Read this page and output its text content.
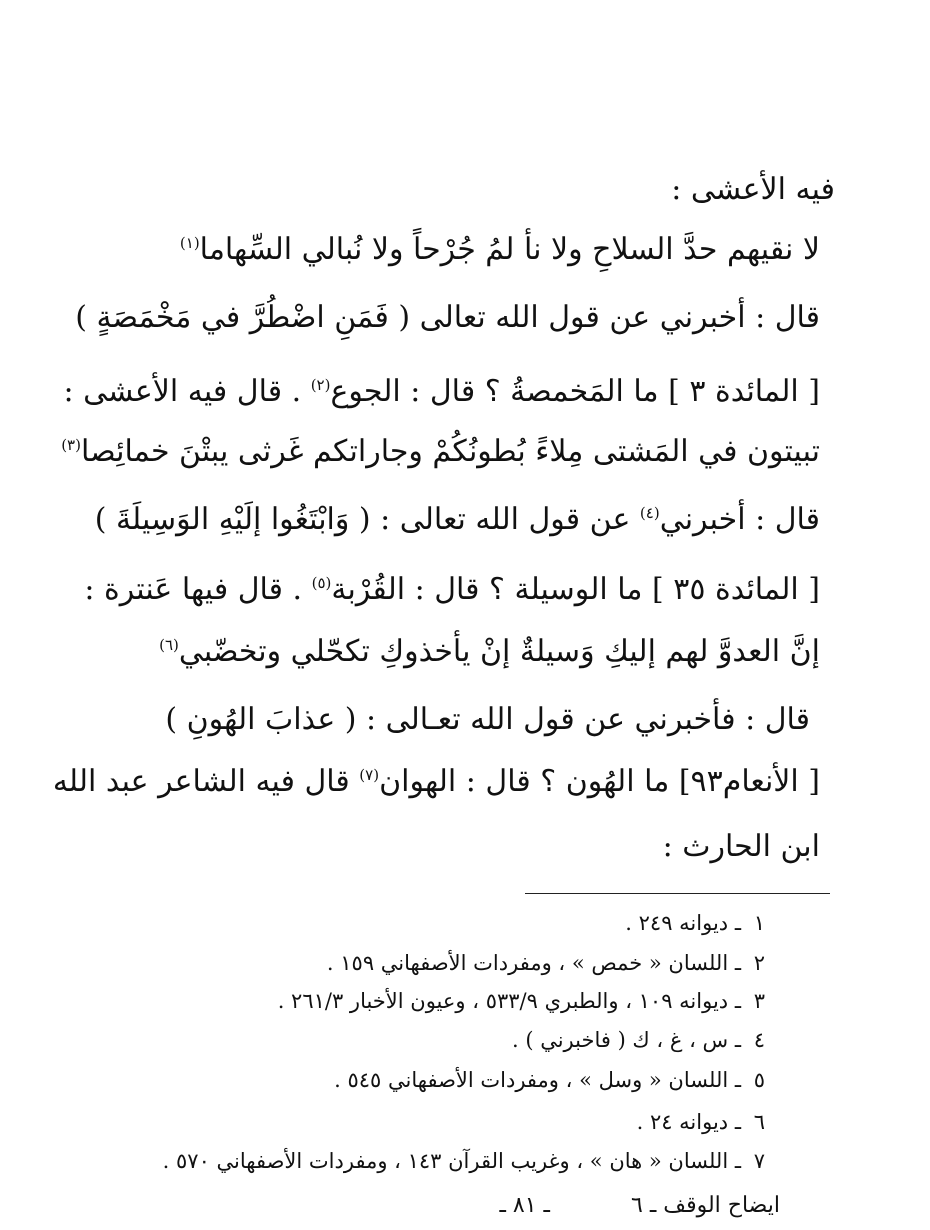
فيه الأعشى :
لا نقيهم حدَّ السلاحِ ولا نأ لمُ جُرْحاً ولا نُبالي السِّهاما$^{(١)}$
قال : أخبرني عن قول الله تعالى ( فَمَنِ اضْطُرَّ في مَخْمَصَةٍ )
[ المائدة ٣ ] ما المَخمصةُ ؟ قال : الجوع$^{(٢)}$ . قال فيه الأعشى :
تبيتون في المَشتى مِلاءً بُطونُكُمْ وجاراتكم غَرثى يبتْنَ خمائِصا$^{(٣)}$
قال : أخبرني$^{(٤)}$ عن قول الله تعالى : ( وَابْتَغُوا إلَيْهِ الوَسِيلَةَ )
[ المائدة ٣٥ ] ما الوسيلة ؟ قال : القُرْبة$^{(٥)}$ . قال فيها عَنترة :
إنَّ العدوَّ لهم إليكِ وَسيلةٌ إنْ يأخذوكِ تكحّلي وتخضّبي$^{(٦)}$
قال : فأخبرني عن قول الله تعـالى : ( عذابَ الهُونِ )
[ الأنعام٩٣] ما الهُون ؟ قال : الهوان$^{(٧)}$ قال فيه الشاعر عبد الله
ابن الحارث :
١ـ ديوانه ٢٤٩ .
٢ـ اللسان « خمص » ، ومفردات الأصفهاني ١٥٩ .
٣ـ ديوانه ١٠٩ ، والطبري ٥٣٣/٩ ، وعيون الأخبار ٢٦١/٣ .
٤ـ س ، غ ، ك ( فاخبرني ) .
٥ـ اللسان « وسل » ، ومفردات الأصفهاني ٥٤٥ .
٦ـ ديوانه ٢٤ .
٧ـ اللسان « هان » ، وغريب القرآن ١٤٣ ، ومفردات الأصفهاني ٥٧٠ .
ايضاح الوقف ـ ٦
ـ ٨١ ـ
